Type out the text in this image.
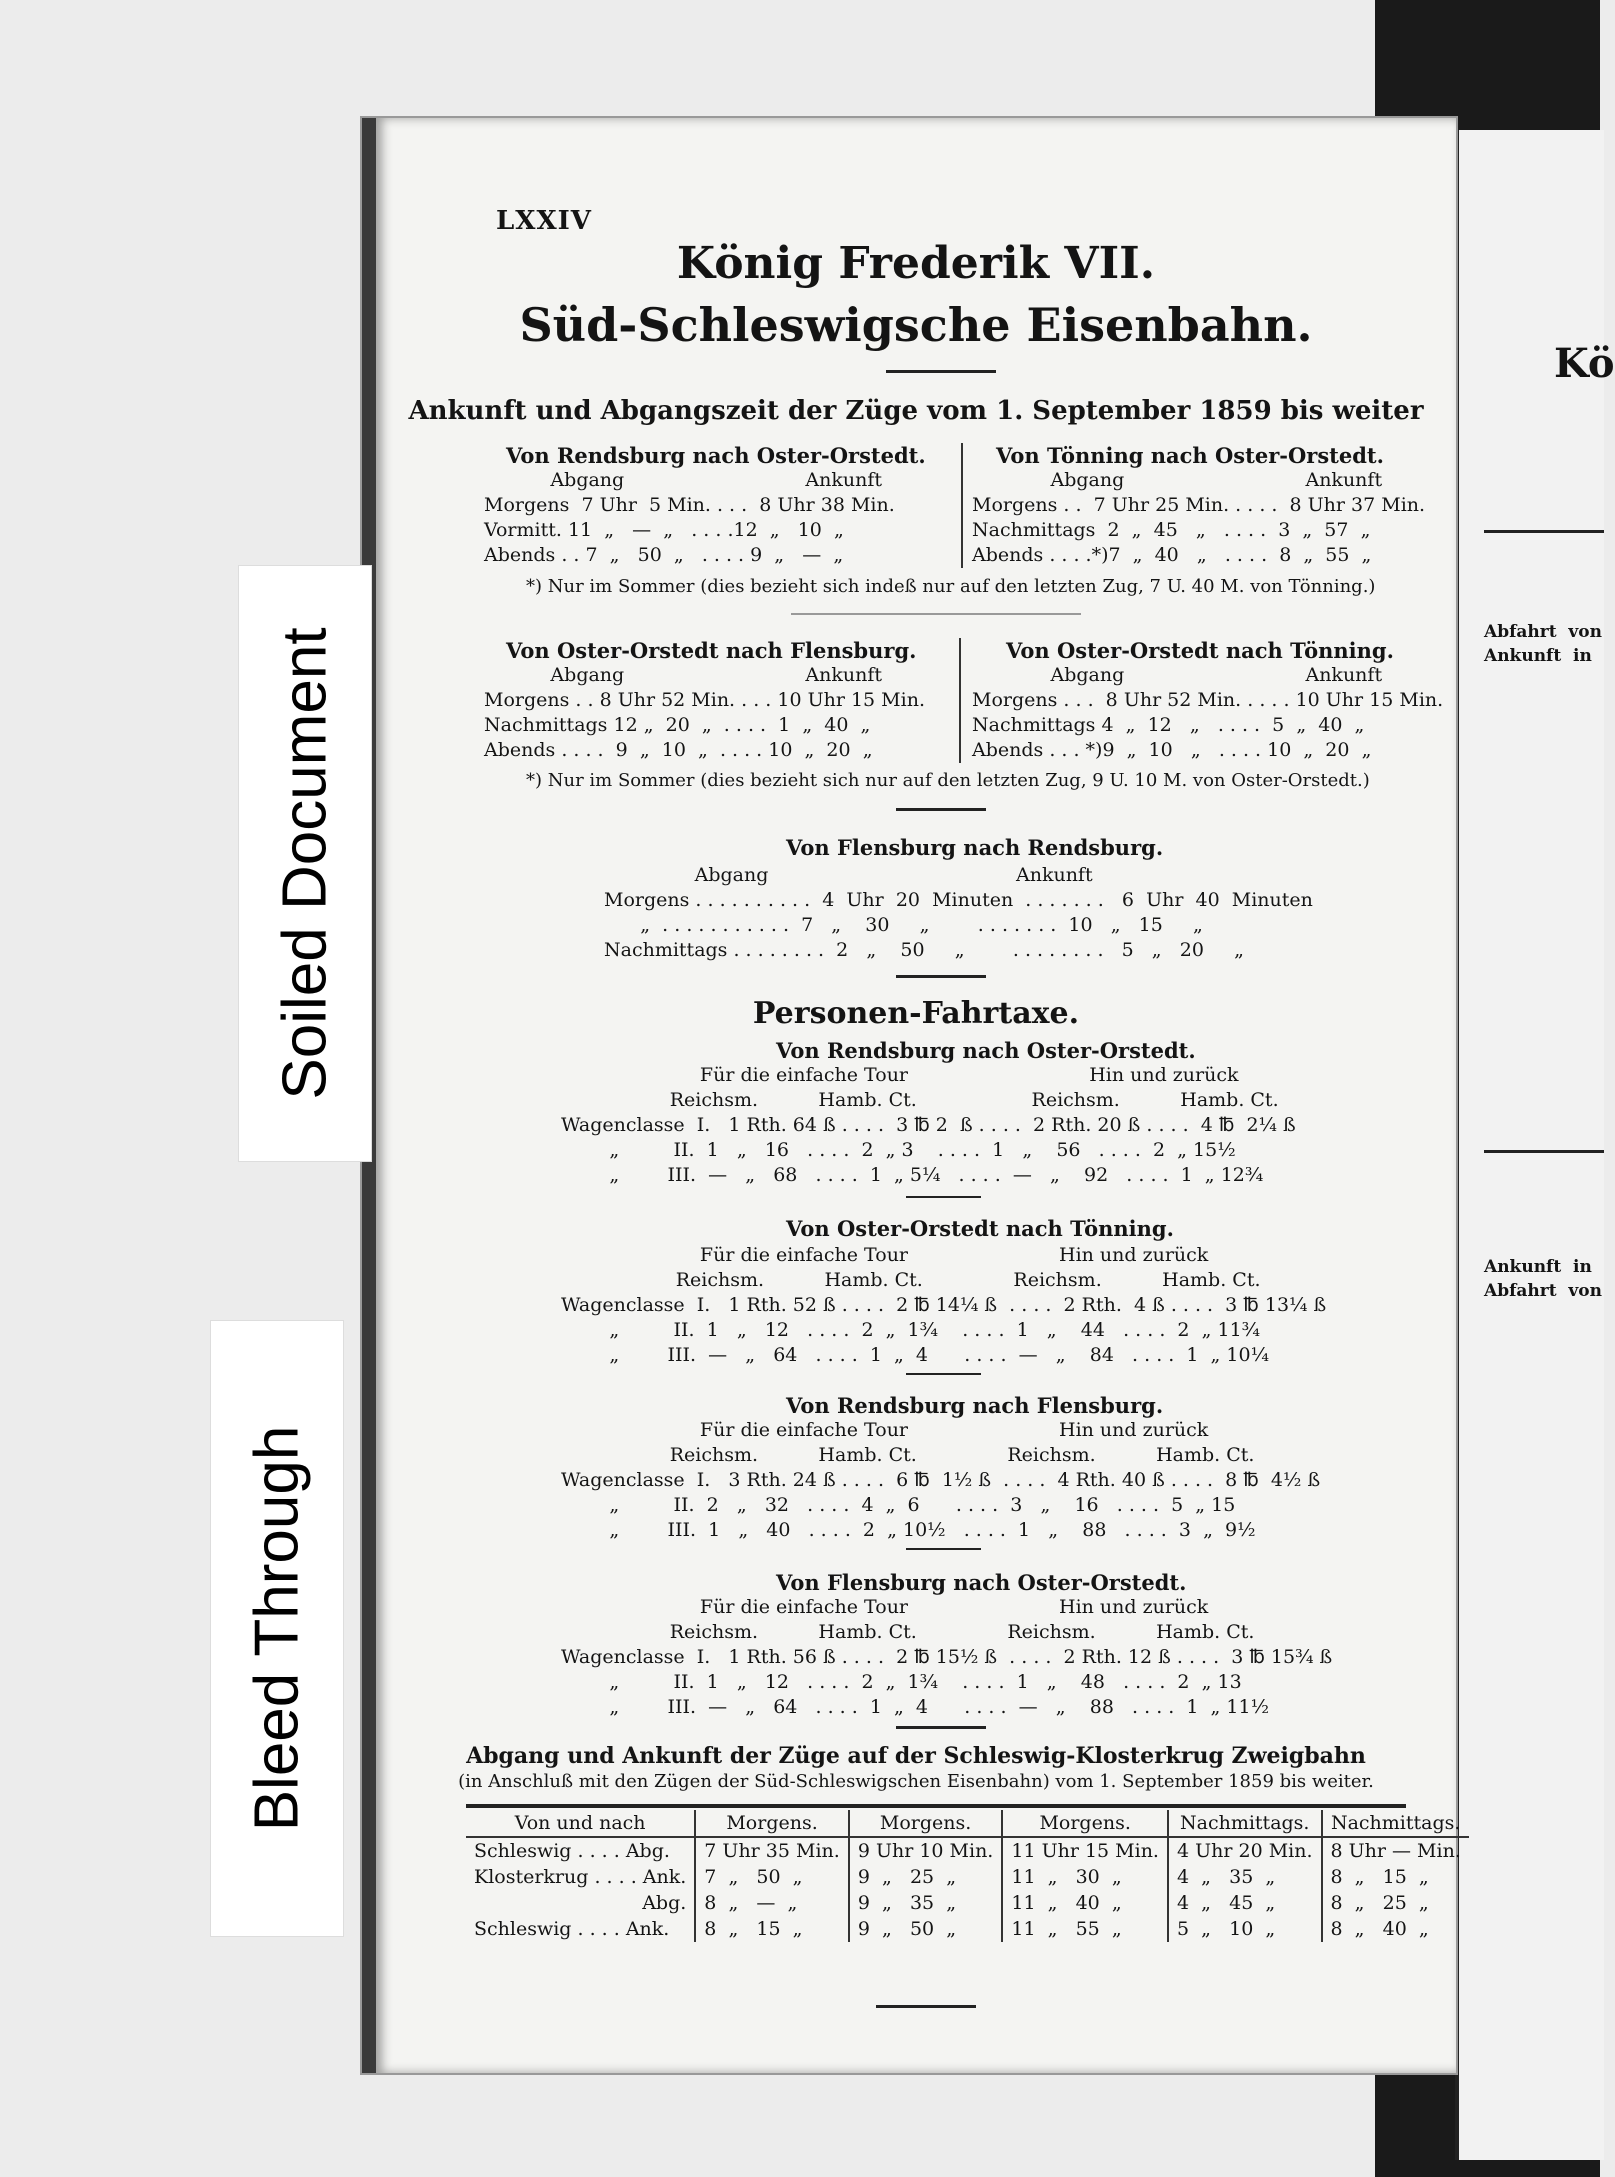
Kö
Abfahrt  von
Ankunft  in
Ankunft  in
Abfahrt  von
LXXIV
König Frederik VII.
Süd-Schleswigsche Eisenbahn.
Ankunft und Abgangszeit der Züge vom 1. September 1859 bis weiter
Von Rendsburg nach Oster-Orstedt.
Abgang                              Ankunft
Morgens  7 Uhr  5 Min. . . .  8 Uhr 38 Min.
Vormitt. 11  „   —  „   . . . .12  „   10  „
Abends . . 7  „   50  „   . . . . 9  „   —  „
Von Tönning nach Oster-Orstedt.
Abgang                              Ankunft
Morgens . .  7 Uhr 25 Min. . . . .  8 Uhr 37 Min.
Nachmittags  2  „  45   „   . . . .  3  „  57  „
Abends . . . .*)7  „  40   „   . . . .  8  „  55  „
*) Nur im Sommer (dies bezieht sich indeß nur auf den letzten Zug, 7 U. 40 M. von Tönning.)
Von Oster-Orstedt nach Flensburg.
Abgang                              Ankunft
Morgens . . 8 Uhr 52 Min. . . . 10 Uhr 15 Min.
Nachmittags 12 „  20  „  . . . .  1  „  40  „
Abends . . . .  9  „  10  „  . . . . 10  „  20  „
Von Oster-Orstedt nach Tönning.
Abgang                              Ankunft
Morgens . . .  8 Uhr 52 Min. . . . . 10 Uhr 15 Min.
Nachmittags 4  „  12   „   . . . .  5  „  40  „
Abends . . . *)9  „  10   „   . . . . 10  „  20  „
*) Nur im Sommer (dies bezieht sich nur auf den letzten Zug, 9 U. 10 M. von Oster-Orstedt.)
Von Flensburg nach Rendsburg.
Abgang                                         Ankunft
Morgens . . . . . . . . . .  4  Uhr  20  Minuten  . . . . . . .   6  Uhr  40  Minuten
„  . . . . . . . . . . .  7   „    30     „        . . . . . . .  10   „   15     „
Nachmittags . . . . . . . .  2   „    50     „        . . . . . . . .   5   „   20     „
Personen-Fahrtaxe.
Von Rendsburg nach Oster-Orstedt.
Für die einfache Tour                              Hin und zurück
Reichsm.          Hamb. Ct.                   Reichsm.          Hamb. Ct.
Wagenclasse  I.   1 Rth. 64 ß . . . .  3 ℔ 2  ß . . . .  2 Rth. 20 ß . . . .  4 ℔  2¼ ß
„         II.  1   „   16   . . . .  2  „ 3    . . . .  1   „    56   . . . .  2  „ 15½
„        III.  —   „   68   . . . .  1  „ 5¼   . . . .  —   „    92   . . . .  1  „ 12¾
Von Oster-Orstedt nach Tönning.
Für die einfache Tour                         Hin und zurück
Reichsm.          Hamb. Ct.               Reichsm.          Hamb. Ct.
Wagenclasse  I.   1 Rth. 52 ß . . . .  2 ℔ 14¼ ß  . . . .  2 Rth.  4 ß . . . .  3 ℔ 13¼ ß
„         II.  1   „   12   . . . .  2  „  1¾    . . . .  1   „    44   . . . .  2  „ 11¾
„        III.  —   „   64   . . . .  1  „  4      . . . .  —   „    84   . . . .  1  „ 10¼
Von Rendsburg nach Flensburg.
Für die einfache Tour                         Hin und zurück
Reichsm.          Hamb. Ct.               Reichsm.          Hamb. Ct.
Wagenclasse  I.   3 Rth. 24 ß . . . .  6 ℔  1½ ß  . . . .  4 Rth. 40 ß . . . .  8 ℔  4½ ß
„         II.  2   „   32   . . . .  4  „  6      . . . .  3   „    16   . . . .  5  „ 15
„        III.  1   „   40   . . . .  2  „ 10½   . . . .  1   „    88   . . . .  3  „  9½
Von Flensburg nach Oster-Orstedt.
Für die einfache Tour                         Hin und zurück
Reichsm.          Hamb. Ct.               Reichsm.          Hamb. Ct.
Wagenclasse  I.   1 Rth. 56 ß . . . .  2 ℔ 15½ ß  . . . .  2 Rth. 12 ß . . . .  3 ℔ 15¾ ß
„         II.  1   „   12   . . . .  2  „  1¾    . . . .  1   „    48   . . . .  2  „ 13
„        III.  —   „   64   . . . .  1  „  4      . . . .  —   „    88   . . . .  1  „ 11½
Abgang und Ankunft der Züge auf der Schleswig-Klosterkrug Zweigbahn
(in Anschluß mit den Zügen der Süd-Schleswigschen Eisenbahn) vom 1. September 1859 bis weiter.
Von und nach	Morgens.	Morgens.	Morgens.	Nachmittags.	Nachmittags.
Schleswig . . . . Abg.	7 Uhr 35 Min.	9 Uhr 10 Min.	11 Uhr 15 Min.	4 Uhr 20 Min.	8 Uhr — Min.
Klosterkrug . . . . Ank.	7  „   50  „	9  „   25  „	11  „   30  „	4  „   35  „	8  „   15  „
Abg.	8  „   —  „	9  „   35  „	11  „   40  „	4  „   45  „	8  „   25  „
Schleswig . . . . Ank.	8  „   15  „	9  „   50  „	11  „   55  „	5  „   10  „	8  „   40  „
Soiled Document
Bleed Through
